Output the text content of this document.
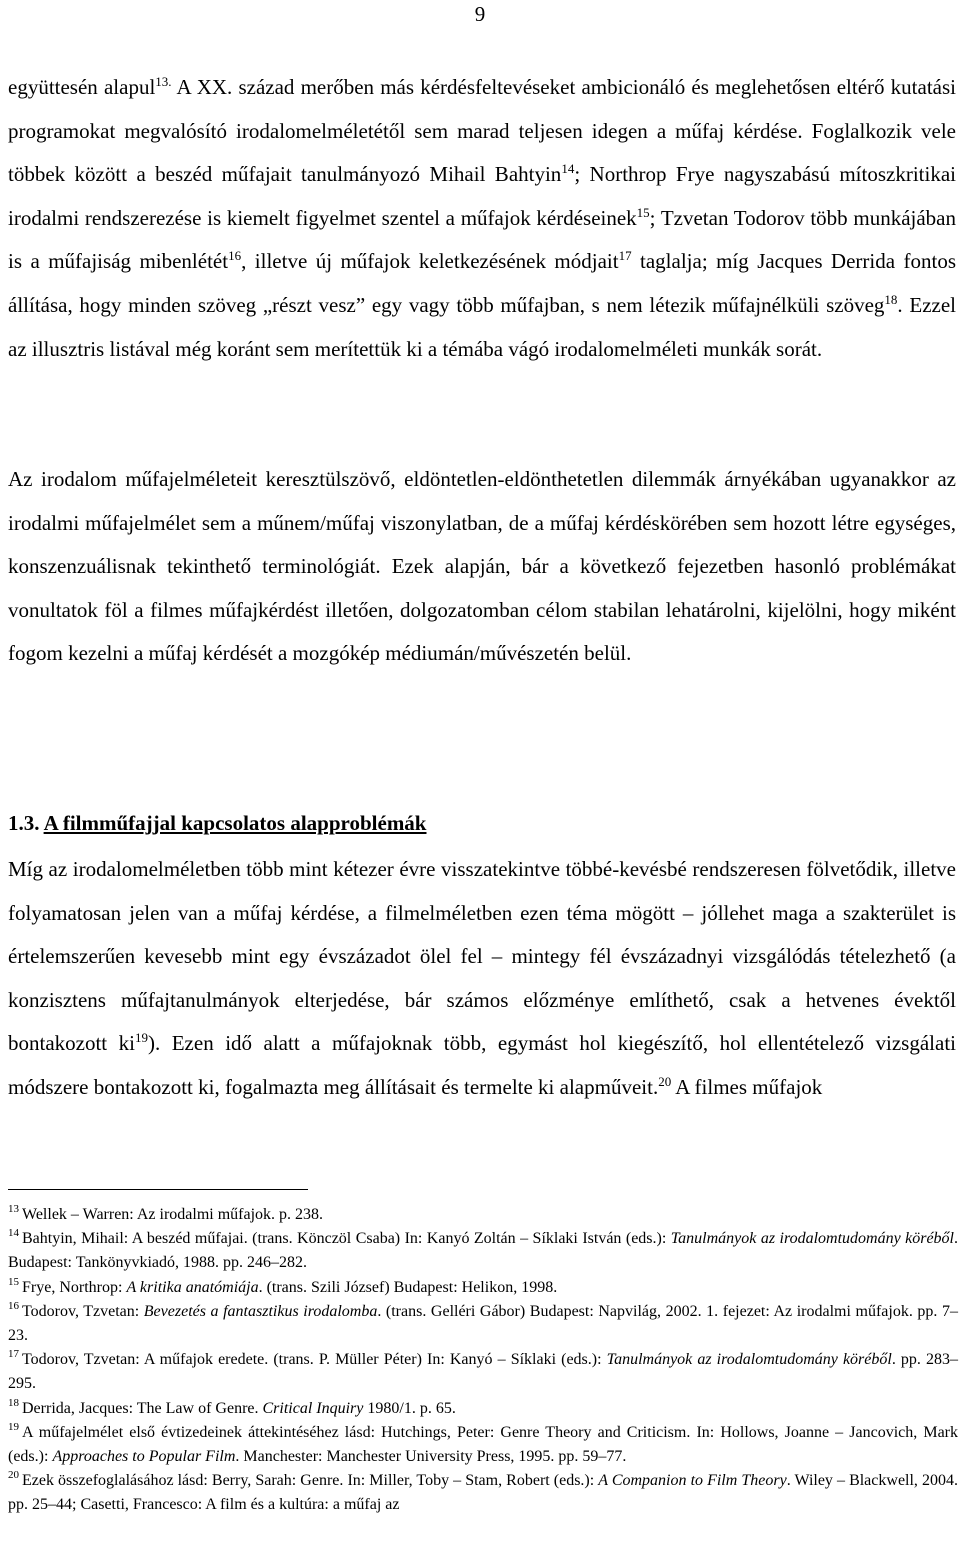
9

együttesén alapul$^{13.}$ A XX. század merőben más kérdésfeltevéseket ambicionáló és meglehetősen eltérő kutatási programokat megvalósító irodalomelméletétől sem marad teljesen idegen a műfaj kérdése. Foglalkozik vele többek között a beszéd műfajait tanulmányozó Mihail Bahtyin$^{14}$; Northrop Frye nagyszabású mítoszkritikai irodalmi rendszerezése is kiemelt figyelmet szentel a műfajok kérdéseinek$^{15}$; Tzvetan Todorov több munkájában is a műfajiság mibenlétét$^{16}$, illetve új műfajok keletkezésének módjait$^{17}$ taglalja; míg Jacques Derrida fontos állítása, hogy minden szöveg „részt vesz” egy vagy több műfajban, s nem létezik műfajnélküli szöveg$^{18}$. Ezzel az illusztris listával még koránt sem merítettük ki a témába vágó irodalomelméleti munkák sorát.

Az irodalom műfajelméleteit keresztülszövő, eldöntetlen-eldönthetetlen dilemmák árnyékában ugyanakkor az irodalmi műfajelmélet sem a műnem/műfaj viszonylatban, de a műfaj kérdéskörében sem hozott létre egységes, konszenzuálisnak tekinthető terminológiát. Ezek alapján, bár a következő fejezetben hasonló problémákat vonultatok föl a filmes műfajkérdést illetően, dolgozatomban célom stabilan lehatárolni, kijelölni, hogy miként fogom kezelni a műfaj kérdését a mozgókép médiumán/művészetén belül.

1.3. A filmműfajjal kapcsolatos alapproblémák

Míg az irodalomelméletben több mint kétezer évre visszatekintve többé-kevésbé rendszeresen fölvetődik, illetve folyamatosan jelen van a műfaj kérdése, a filmelméletben ezen téma mögött – jóllehet maga a szakterület is értelemszerűen kevesebb mint egy évszázadot ölel fel – mintegy fél évszázadnyi vizsgálódás tételezhető (a konzisztens műfajtanulmányok elterjedése, bár számos előzménye említhető, csak a hetvenes évektől bontakozott ki$^{19}$). Ezen idő alatt a műfajoknak több, egymást hol kiegészítő, hol ellentételező vizsgálati módszere bontakozott ki, fogalmazta meg állításait és termelte ki alapműveit.$^{20}$ A filmes műfajok

$^{13}$ Wellek – Warren: Az irodalmi műfajok. p. 238.

$^{14}$ Bahtyin, Mihail: A beszéd műfajai. (trans. Könczöl Csaba) In: Kanyó Zoltán – Síklaki István (eds.): Tanulmányok az irodalomtudomány köréből. Budapest: Tankönyvkiadó, 1988. pp. 246–282.

$^{15}$ Frye, Northrop: A kritika anatómiája. (trans. Szili József) Budapest: Helikon, 1998.

$^{16}$ Todorov, Tzvetan: Bevezetés a fantasztikus irodalomba. (trans. Gelléri Gábor) Budapest: Napvilág, 2002. 1. fejezet: Az irodalmi műfajok. pp. 7–23.

$^{17}$ Todorov, Tzvetan: A műfajok eredete. (trans. P. Müller Péter) In: Kanyó – Síklaki (eds.): Tanulmányok az irodalomtudomány köréből. pp. 283–295.

$^{18}$ Derrida, Jacques: The Law of Genre. Critical Inquiry 1980/1. p. 65.

$^{19}$ A műfajelmélet első évtizedeinek áttekintéséhez lásd: Hutchings, Peter: Genre Theory and Criticism. In: Hollows, Joanne – Jancovich, Mark (eds.): Approaches to Popular Film. Manchester: Manchester University Press, 1995. pp. 59–77.

$^{20}$ Ezek összefoglalásához lásd: Berry, Sarah: Genre. In: Miller, Toby – Stam, Robert (eds.): A Companion to Film Theory. Wiley – Blackwell, 2004. pp. 25–44; Casetti, Francesco: A film és a kultúra: a műfaj az
